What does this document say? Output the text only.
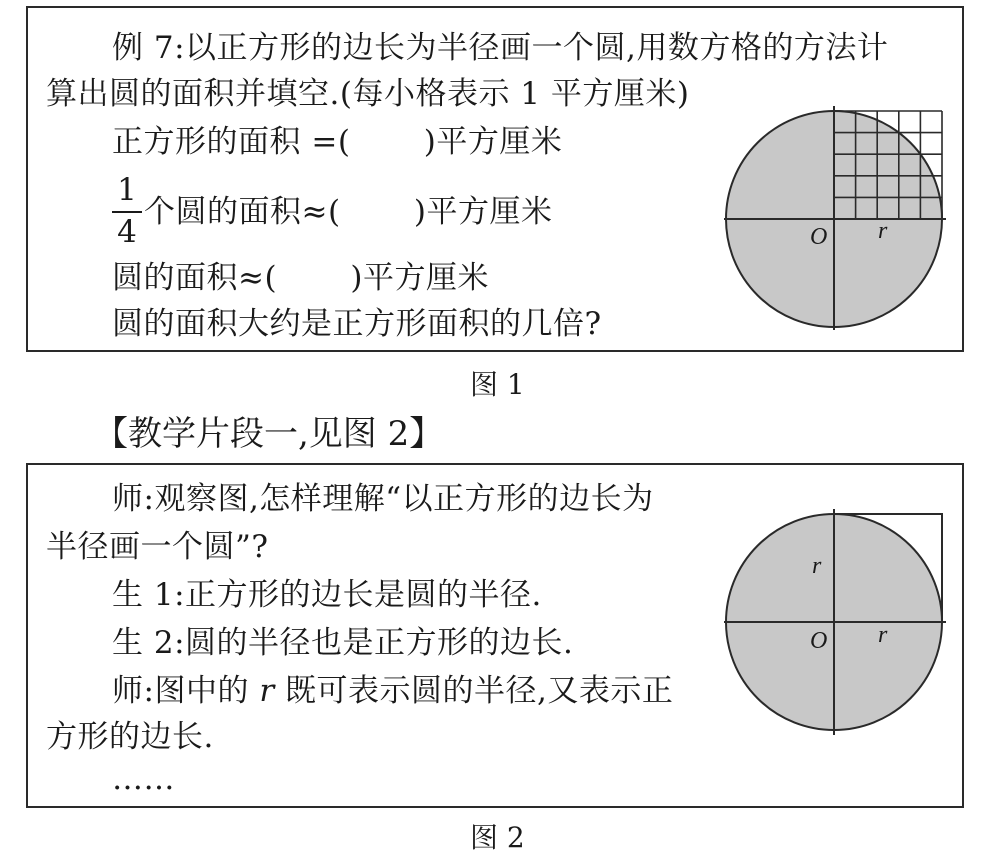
例 7:以正方形的边长为半径画一个圆,用数方格的方法计
算出圆的面积并填空.(每小格表示 1 平方厘米)
正方形的面积 =(　　 )平方厘米
1
4
个圆的面积≈(　　 )平方厘米
圆的面积≈(　　 )平方厘米
圆的面积大约是正方形面积的几倍?
O r
图 1
【教学片段一,见图 2】
师:观察图,怎样理解“以正方形的边长为
半径画一个圆”?
生 1:正方形的边长是圆的半径.
生 2:圆的半径也是正方形的边长.
师:图中的 r 既可表示圆的半径,又表示正
方形的边长.
……
O r
r
图 2
